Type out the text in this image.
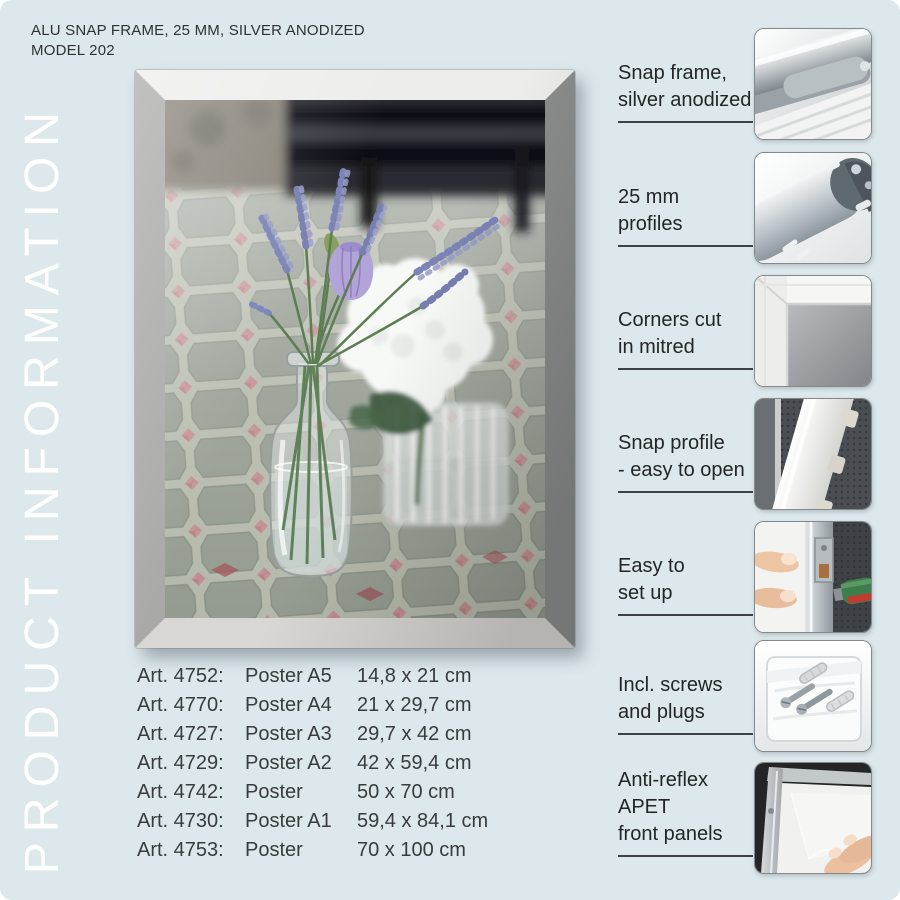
ALU SNAP FRAME, 25 MM, SILVER ANODIZED
MODEL 202
PRODUCT INFORMATION	Art. 4752:	Poster A5	14,8 x 21 cm
Art. 4770:	Poster A4	21 x 29,7 cm
Art. 4727:	Poster A3	29,7 x 42 cm
Art. 4729:	Poster A2	42 x 59,4 cm
Art. 4742:	Poster	50 x 70 cm
Art. 4730:	Poster A1	59,4 x 84,1 cm
Art. 4753:	Poster	70 x 100 cm
Snap frame,
silver anodized
25 mm
profiles
Corners cut
in mitred
Snap profile
- easy to open
Easy to
set up
Incl. screws
and plugs
Anti-reflex
APET
front panels
